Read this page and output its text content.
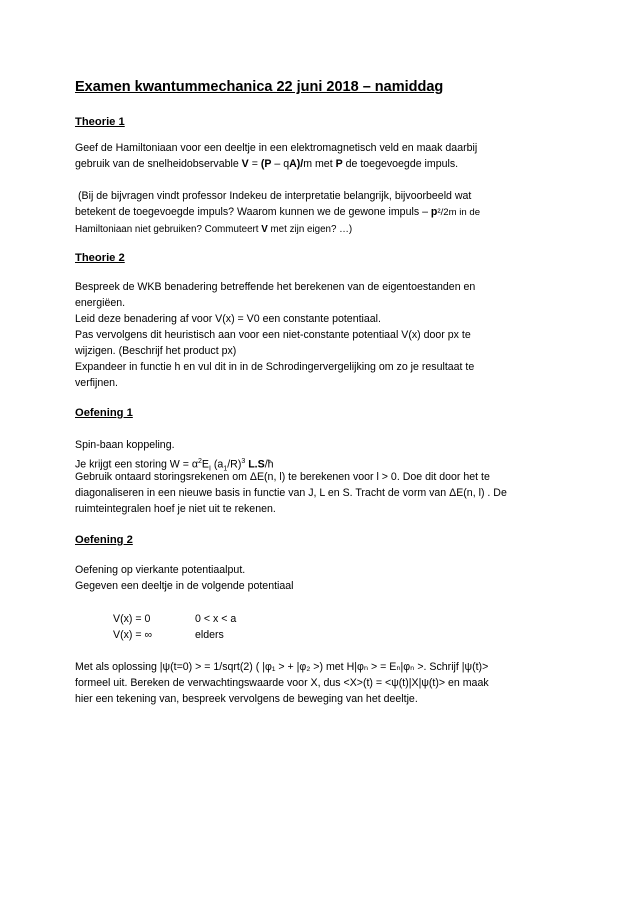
Examen kwantummechanica 22 juni 2018 – namiddag
Theorie 1
Geef de Hamiltoniaan voor een deeltje in een elektromagnetisch veld en maak daarbij
gebruik van de snelheidobservable V = (P – qA)/m met P de toegevoegde impuls.
(Bij de bijvragen vindt professor Indekeu de interpretatie belangrijk, bijvoorbeeld wat
betekent de toegevoegde impuls? Waarom kunnen we de gewone impuls – p²/2m in de
Hamiltoniaan niet gebruiken? Commuteert V met zijn eigen? …)
Theorie 2
Bespreek de WKB benadering betreffende het berekenen van de eigentoestanden en
energiëen.
Leid deze benadering af voor V(x) = V0 een constante potentiaal.
Pas vervolgens dit heuristisch aan voor een niet-constante potentiaal V(x) door px te
wijzigen. (Beschrijf het product px)
Expandeer in functie h en vul dit in in de Schrodingervergelijking om zo je resultaat te
verfijnen.
Oefening 1
Spin-baan koppeling.
Je krijgt een storing $W = \alpha^2E_I$ $(a_1/R)^3$ L.S/ħ
Gebruik ontaard storingsrekenen om ΔE(n, l) te berekenen voor l > 0. Doe dit door het te
diagonaliseren in een nieuwe basis in functie van J, L en S. Tracht de vorm van ΔE(n, l) . De
ruimteintegralen hoef je niet uit te rekenen.
Oefening 2
Oefening op vierkante potentiaalput.
Gegeven een deeltje in de volgende potentiaal
V(x) = 0	0 < x < a
V(x) = ∞	elders
Met als oplossing |ψ(t=0) > = 1/sqrt(2) ( |φ₁ > + |φ₂ >) met H|φₙ > = Eₙ|φₙ >. Schrijf |ψ(t)>
formeel uit. Bereken de verwachtingswaarde voor X, dus <X>(t) = <ψ(t)|X|ψ(t)> en maak
hier een tekening van, bespreek vervolgens de beweging van het deeltje.
